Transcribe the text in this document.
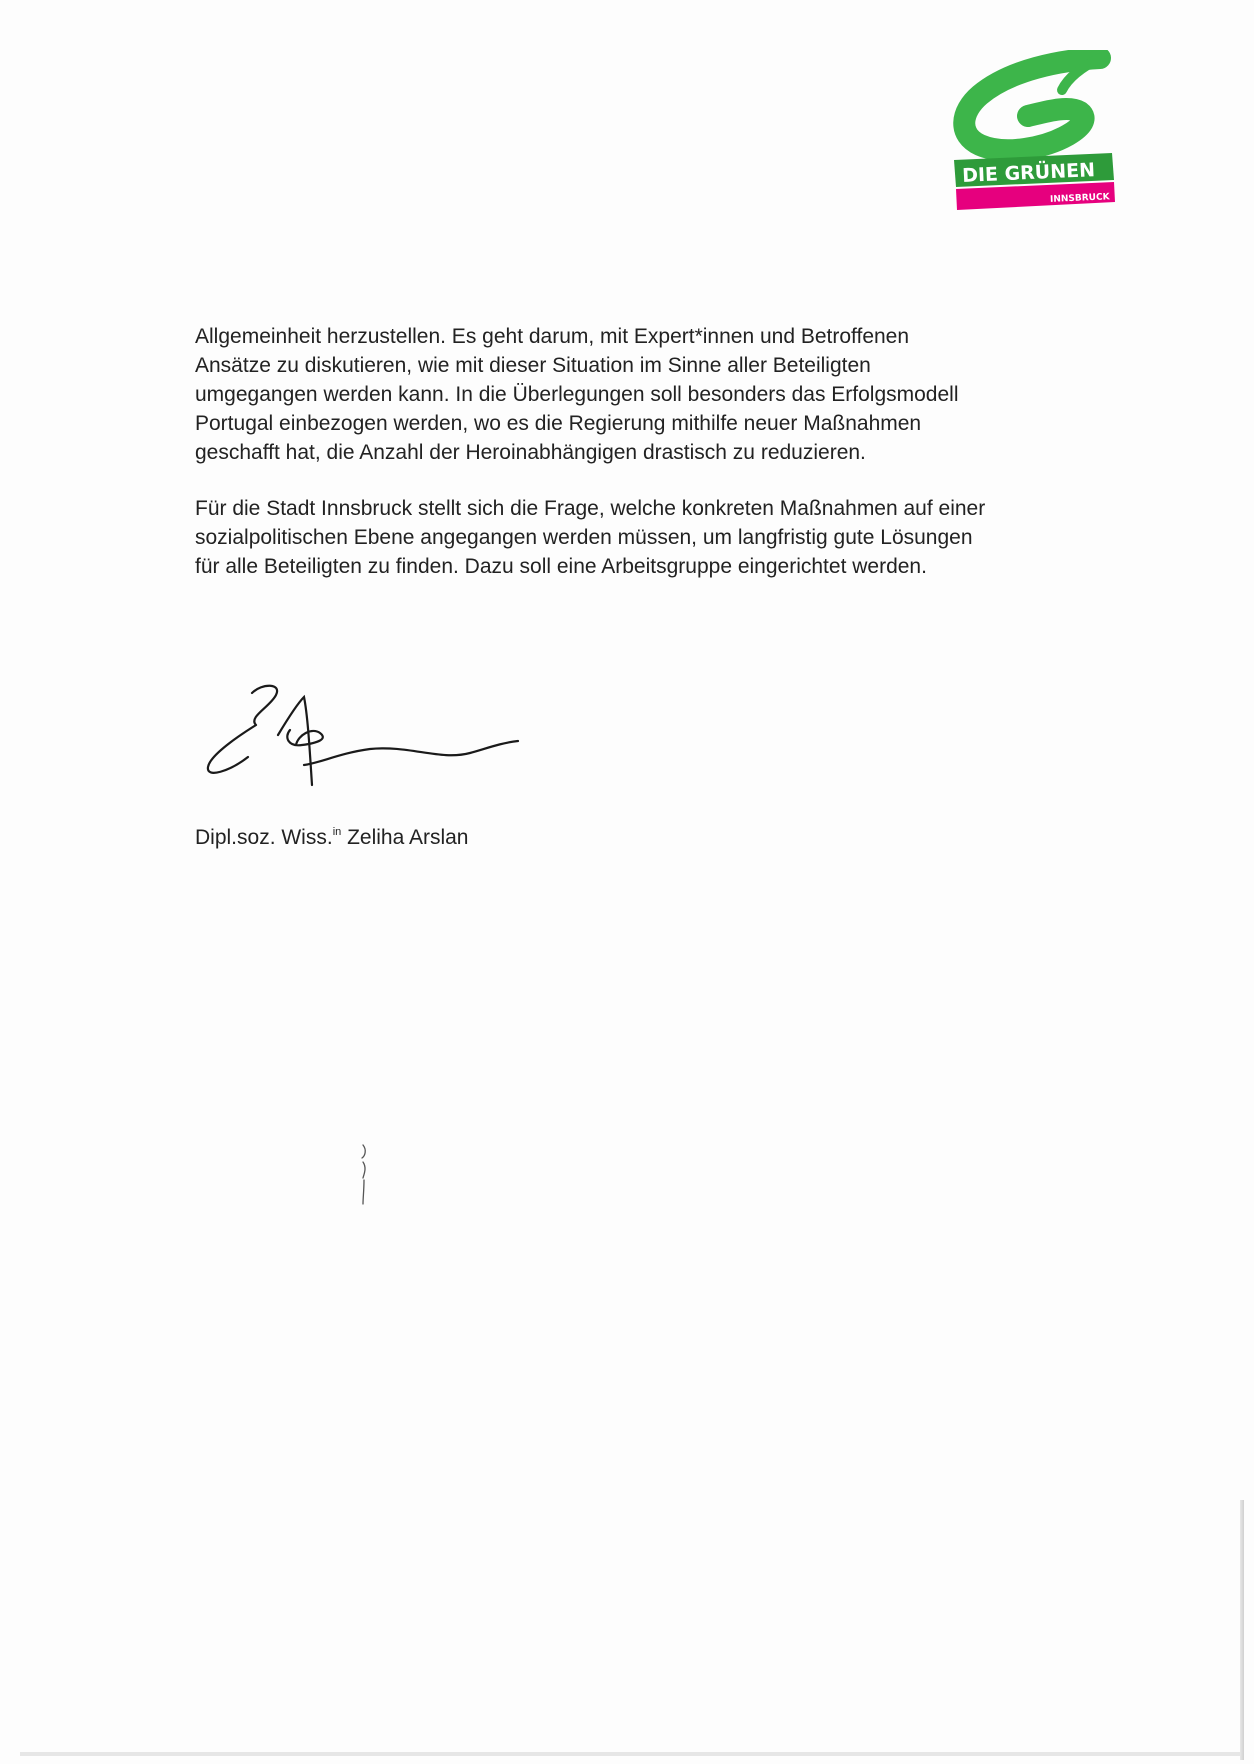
DIE GRÜNEN
INNSBRUCK

Allgemeinheit herzustellen. Es geht darum, mit Expert*innen und Betroffenen

Ansätze zu diskutieren, wie mit dieser Situation im Sinne aller Beteiligten

umgegangen werden kann. In die Überlegungen soll besonders das Erfolgsmodell

Portugal einbezogen werden, wo es die Regierung mithilfe neuer Maßnahmen

geschafft hat, die Anzahl der Heroinabhängigen drastisch zu reduzieren.

Für die Stadt Innsbruck stellt sich die Frage, welche konkreten Maßnahmen auf einer

sozialpolitischen Ebene angegangen werden müssen, um langfristig gute Lösungen

für alle Beteiligten zu finden. Dazu soll eine Arbeitsgruppe eingerichtet werden.

Dipl.soz. Wiss.$^{in}$ Zeliha Arslan
